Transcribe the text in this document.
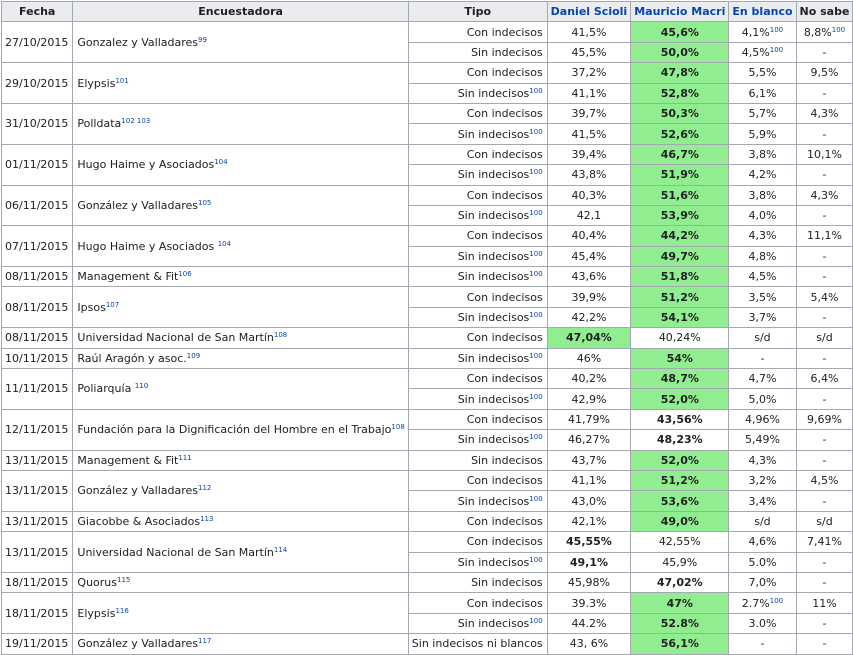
Fecha	Encuestadora	Tipo	Daniel Scioli	Mauricio Macri	En blanco	No sabe
27/10/2015	Gonzalez y Valladares$^{99}$	Con indecisos	41,5%	45,6%	4,1%$^{100}$	8,8%$^{100}$
		Sin indecisos	45,5%	50,0%	4,5%$^{100}$	-
29/10/2015	Elypsis$^{101}$	Con indecisos	37,2%	47,8%	5,5%	9,5%
		Sin indecisos$^{100}$	41,1%	52,8%	6,1%	-
31/10/2015	Polldata$^{102 103}$	Con indecisos	39,7%	50,3%	5,7%	4,3%
		Sin indecisos$^{100}$	41,5%	52,6%	5,9%	-
01/11/2015	Hugo Haime y Asociados$^{104}$	Con indecisos	39,4%	46,7%	3,8%	10,1%
		Sin indecisos$^{100}$	43,8%	51,9%	4,2%	-
06/11/2015	González y Valladares$^{105}$	Con indecisos	40,3%	51,6%	3,8%	4,3%
		Sin indecisos$^{100}$	42,1	53,9%	4,0%	-
07/11/2015	Hugo Haime y Asociados $^{104}$	Con indecisos	40,4%	44,2%	4,3%	11,1%
		Sin indecisos$^{100}$	45,4%	49,7%	4,8%	-
08/11/2015	Management & Fit$^{106}$	Sin indecisos$^{100}$	43,6%	51,8%	4,5%	-
08/11/2015	Ipsos$^{107}$	Con indecisos	39,9%	51,2%	3,5%	5,4%
		Sin indecisos$^{100}$	42,2%	54,1%	3,7%	-
08/11/2015	Universidad Nacional de San Martín$^{108}$	Con indecisos	47,04%	40,24%	s/d	s/d
10/11/2015	Raúl Aragón y asoc.$^{109}$	Sin indecisos$^{100}$	46%	54%	-	-
11/11/2015	Poliarquía $^{110}$	Con indecisos	40,2%	48,7%	4,7%	6,4%
		Sin indecisos$^{100}$	42,9%	52,0%	5,0%	-
12/11/2015	Fundación para la Dignificación del Hombre en el Trabajo$^{108}$	Con indecisos	41,79%	43,56%	4,96%	9,69%
		Sin indecisos$^{100}$	46,27%	48,23%	5,49%	-
13/11/2015	Management & Fit$^{111}$	Sin indecisos	43,7%	52,0%	4,3%	-
13/11/2015	González y Valladares$^{112}$	Con indecisos	41,1%	51,2%	3,2%	4,5%
		Sin indecisos$^{100}$	43,0%	53,6%	3,4%	-
13/11/2015	Giacobbe & Asociados$^{113}$	Con indecisos	42,1%	49,0%	s/d	s/d
13/11/2015	Universidad Nacional de San Martín$^{114}$	Con indecisos	45,55%	42,55%	4,6%	7,41%
		Sin indecisos$^{100}$	49,1%	45,9%	5.0%	-
18/11/2015	Quorus$^{115}$	Sin indecisos	45,98%	47,02%	7,0%	-
18/11/2015	Elypsis$^{116}$	Con indecisos	39.3%	47%	2.7%$^{100}$	11%
		Sin indecisos$^{100}$	44.2%	52.8%	3.0%	-
19/11/2015	González y Valladares$^{117}$	Sin indecisos ni blancos	43, 6%	56,1%	-	-
